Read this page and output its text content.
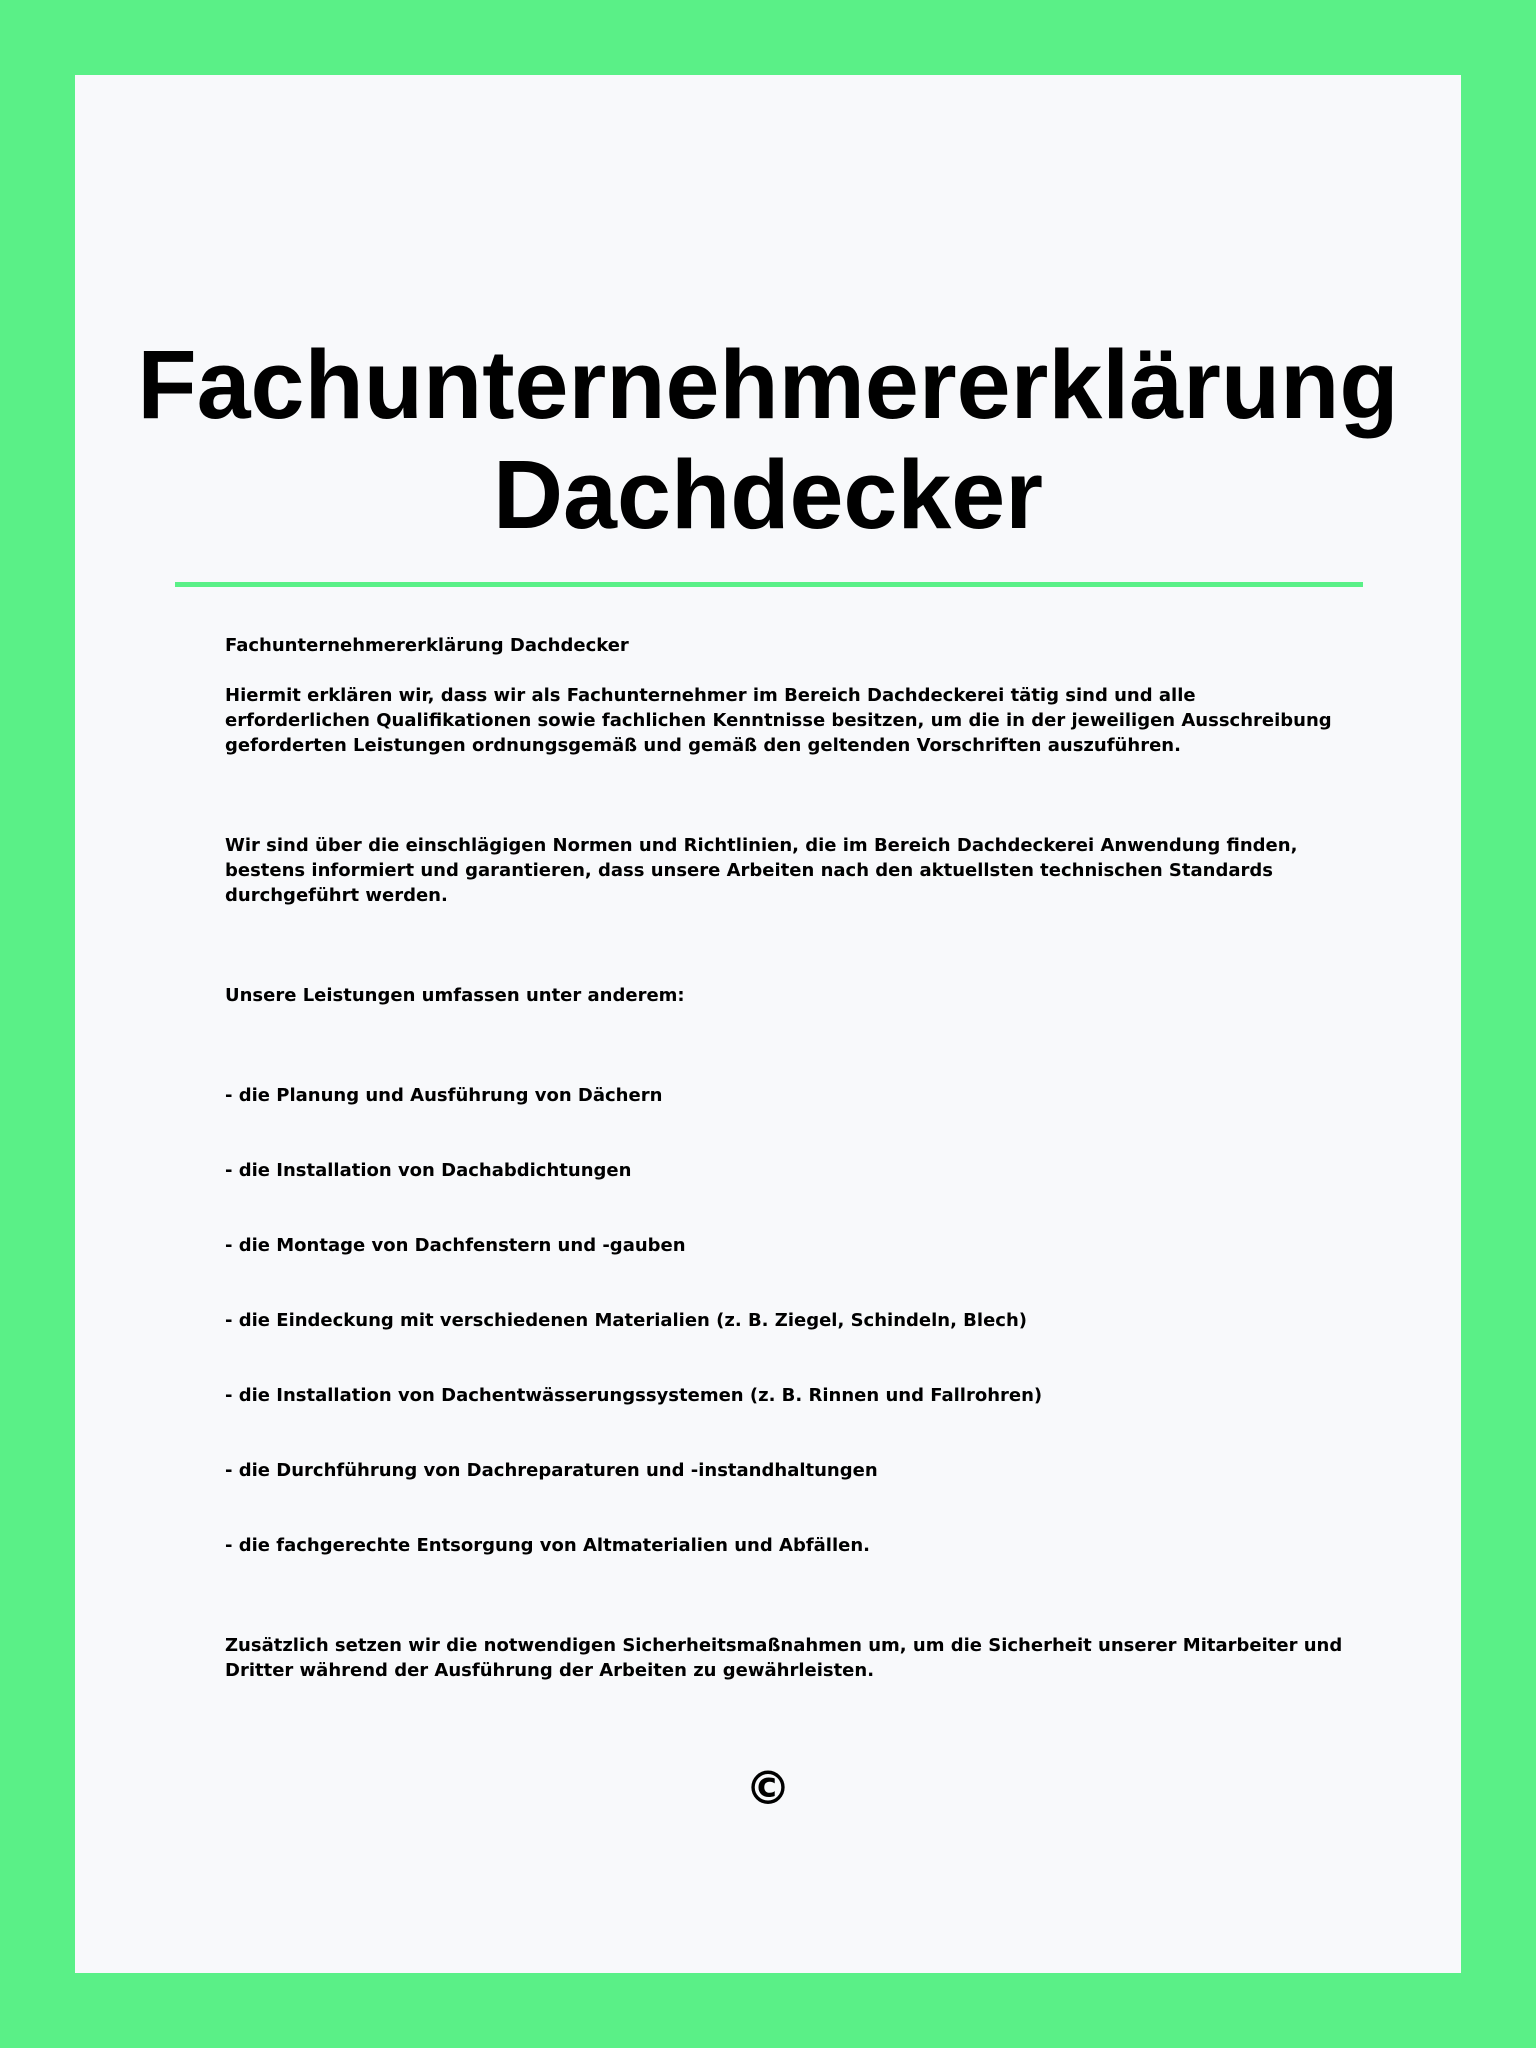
Fachunternehmererklärung
Dachdecker

Fachunternehmererklärung Dachdecker

Hiermit erklären wir, dass wir als Fachunternehmer im Bereich Dachdeckerei tätig sind und alle erforderlichen Qualifikationen sowie fachlichen Kenntnisse besitzen, um die in der jeweiligen Ausschreibung geforderten Leistungen ordnungsgemäß und gemäß den geltenden Vorschriften auszuführen.

Wir sind über die einschlägigen Normen und Richtlinien, die im Bereich Dachdeckerei Anwendung finden, bestens informiert und garantieren, dass unsere Arbeiten nach den aktuellsten technischen Standards durchgeführt werden.

Unsere Leistungen umfassen unter anderem:

- die Planung und Ausführung von Dächern
- die Installation von Dachabdichtungen
- die Montage von Dachfenstern und -gauben
- die Eindeckung mit verschiedenen Materialien (z. B. Ziegel, Schindeln, Blech)
- die Installation von Dachentwässerungssystemen (z. B. Rinnen und Fallrohren)
- die Durchführung von Dachreparaturen und -instandhaltungen
- die fachgerechte Entsorgung von Altmaterialien und Abfällen.

Zusätzlich setzen wir die notwendigen Sicherheitsmaßnahmen um, um die Sicherheit unserer Mitarbeiter und Dritter während der Ausführung der Arbeiten zu gewährleisten.

©
